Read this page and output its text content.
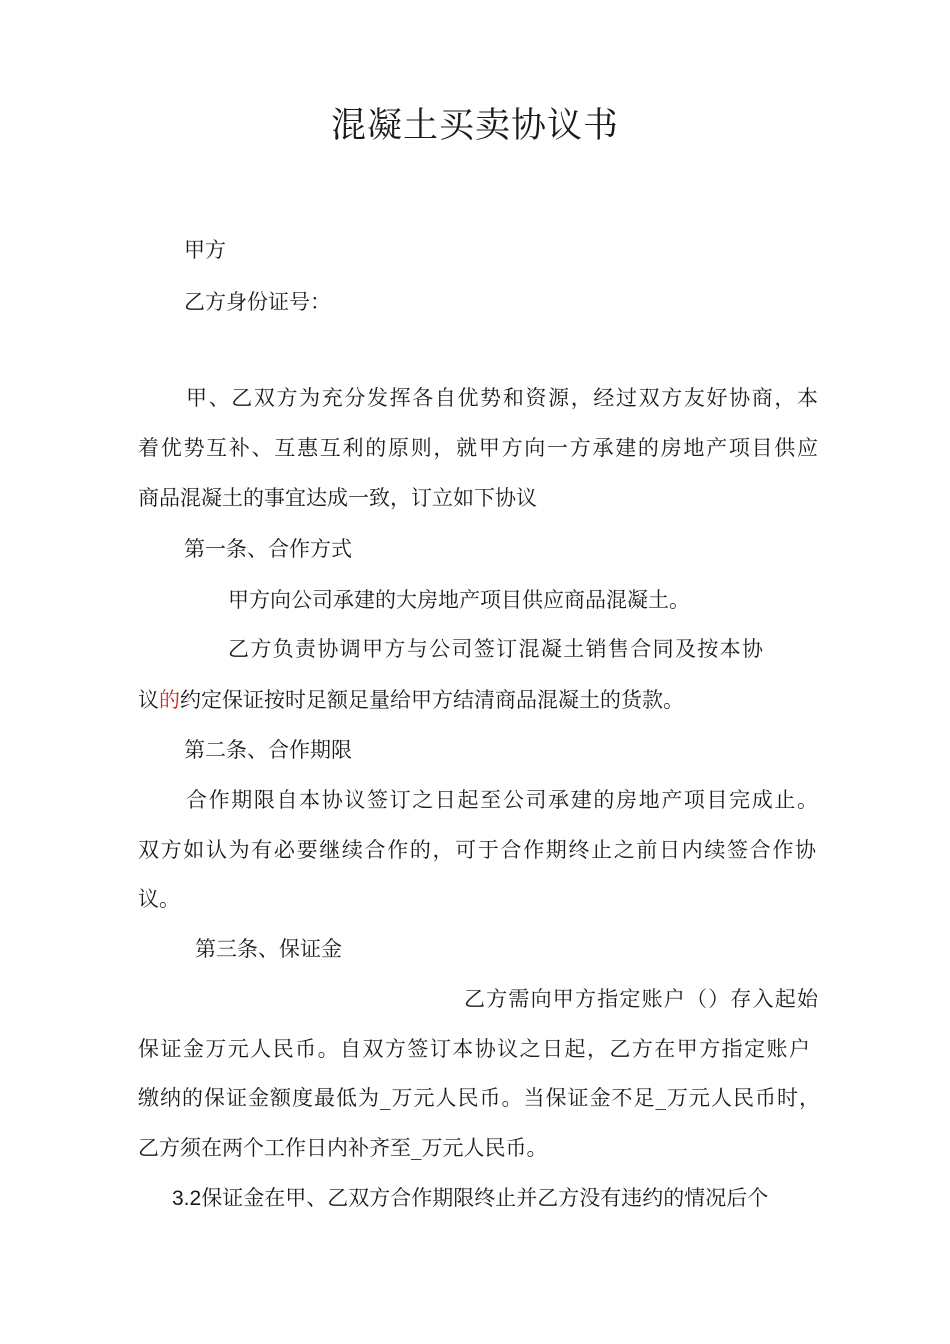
混凝土买卖协议书
甲方
乙方身份证号：
甲、乙双方为充分发挥各自优势和资源，经过双方友好协商，本
着优势互补、互惠互利的原则，就甲方向一方承建的房地产项目供应
商品混凝土的事宜达成一致，订立如下协议
第一条、合作方式
甲方向公司承建的大房地产项目供应商品混凝土。
乙方负责协调甲方与公司签订混凝土销售合同及按本协
议的约定保证按时足额足量给甲方结清商品混凝土的货款。
第二条、合作期限
合作期限自本协议签订之日起至公司承建的房地产项目完成止。
双方如认为有必要继续合作的，可于合作期终止之前日内续签合作协
议。
第三条、保证金
乙方需向甲方指定账户（）存入起始
保证金万元人民币。自双方签订本协议之日起，乙方在甲方指定账户
缴纳的保证金额度最低为_万元人民币。当保证金不足_万元人民币时，
乙方须在两个工作日内补齐至_万元人民币。
3.2保证金在甲、乙双方合作期限终止并乙方没有违约的情况后个
